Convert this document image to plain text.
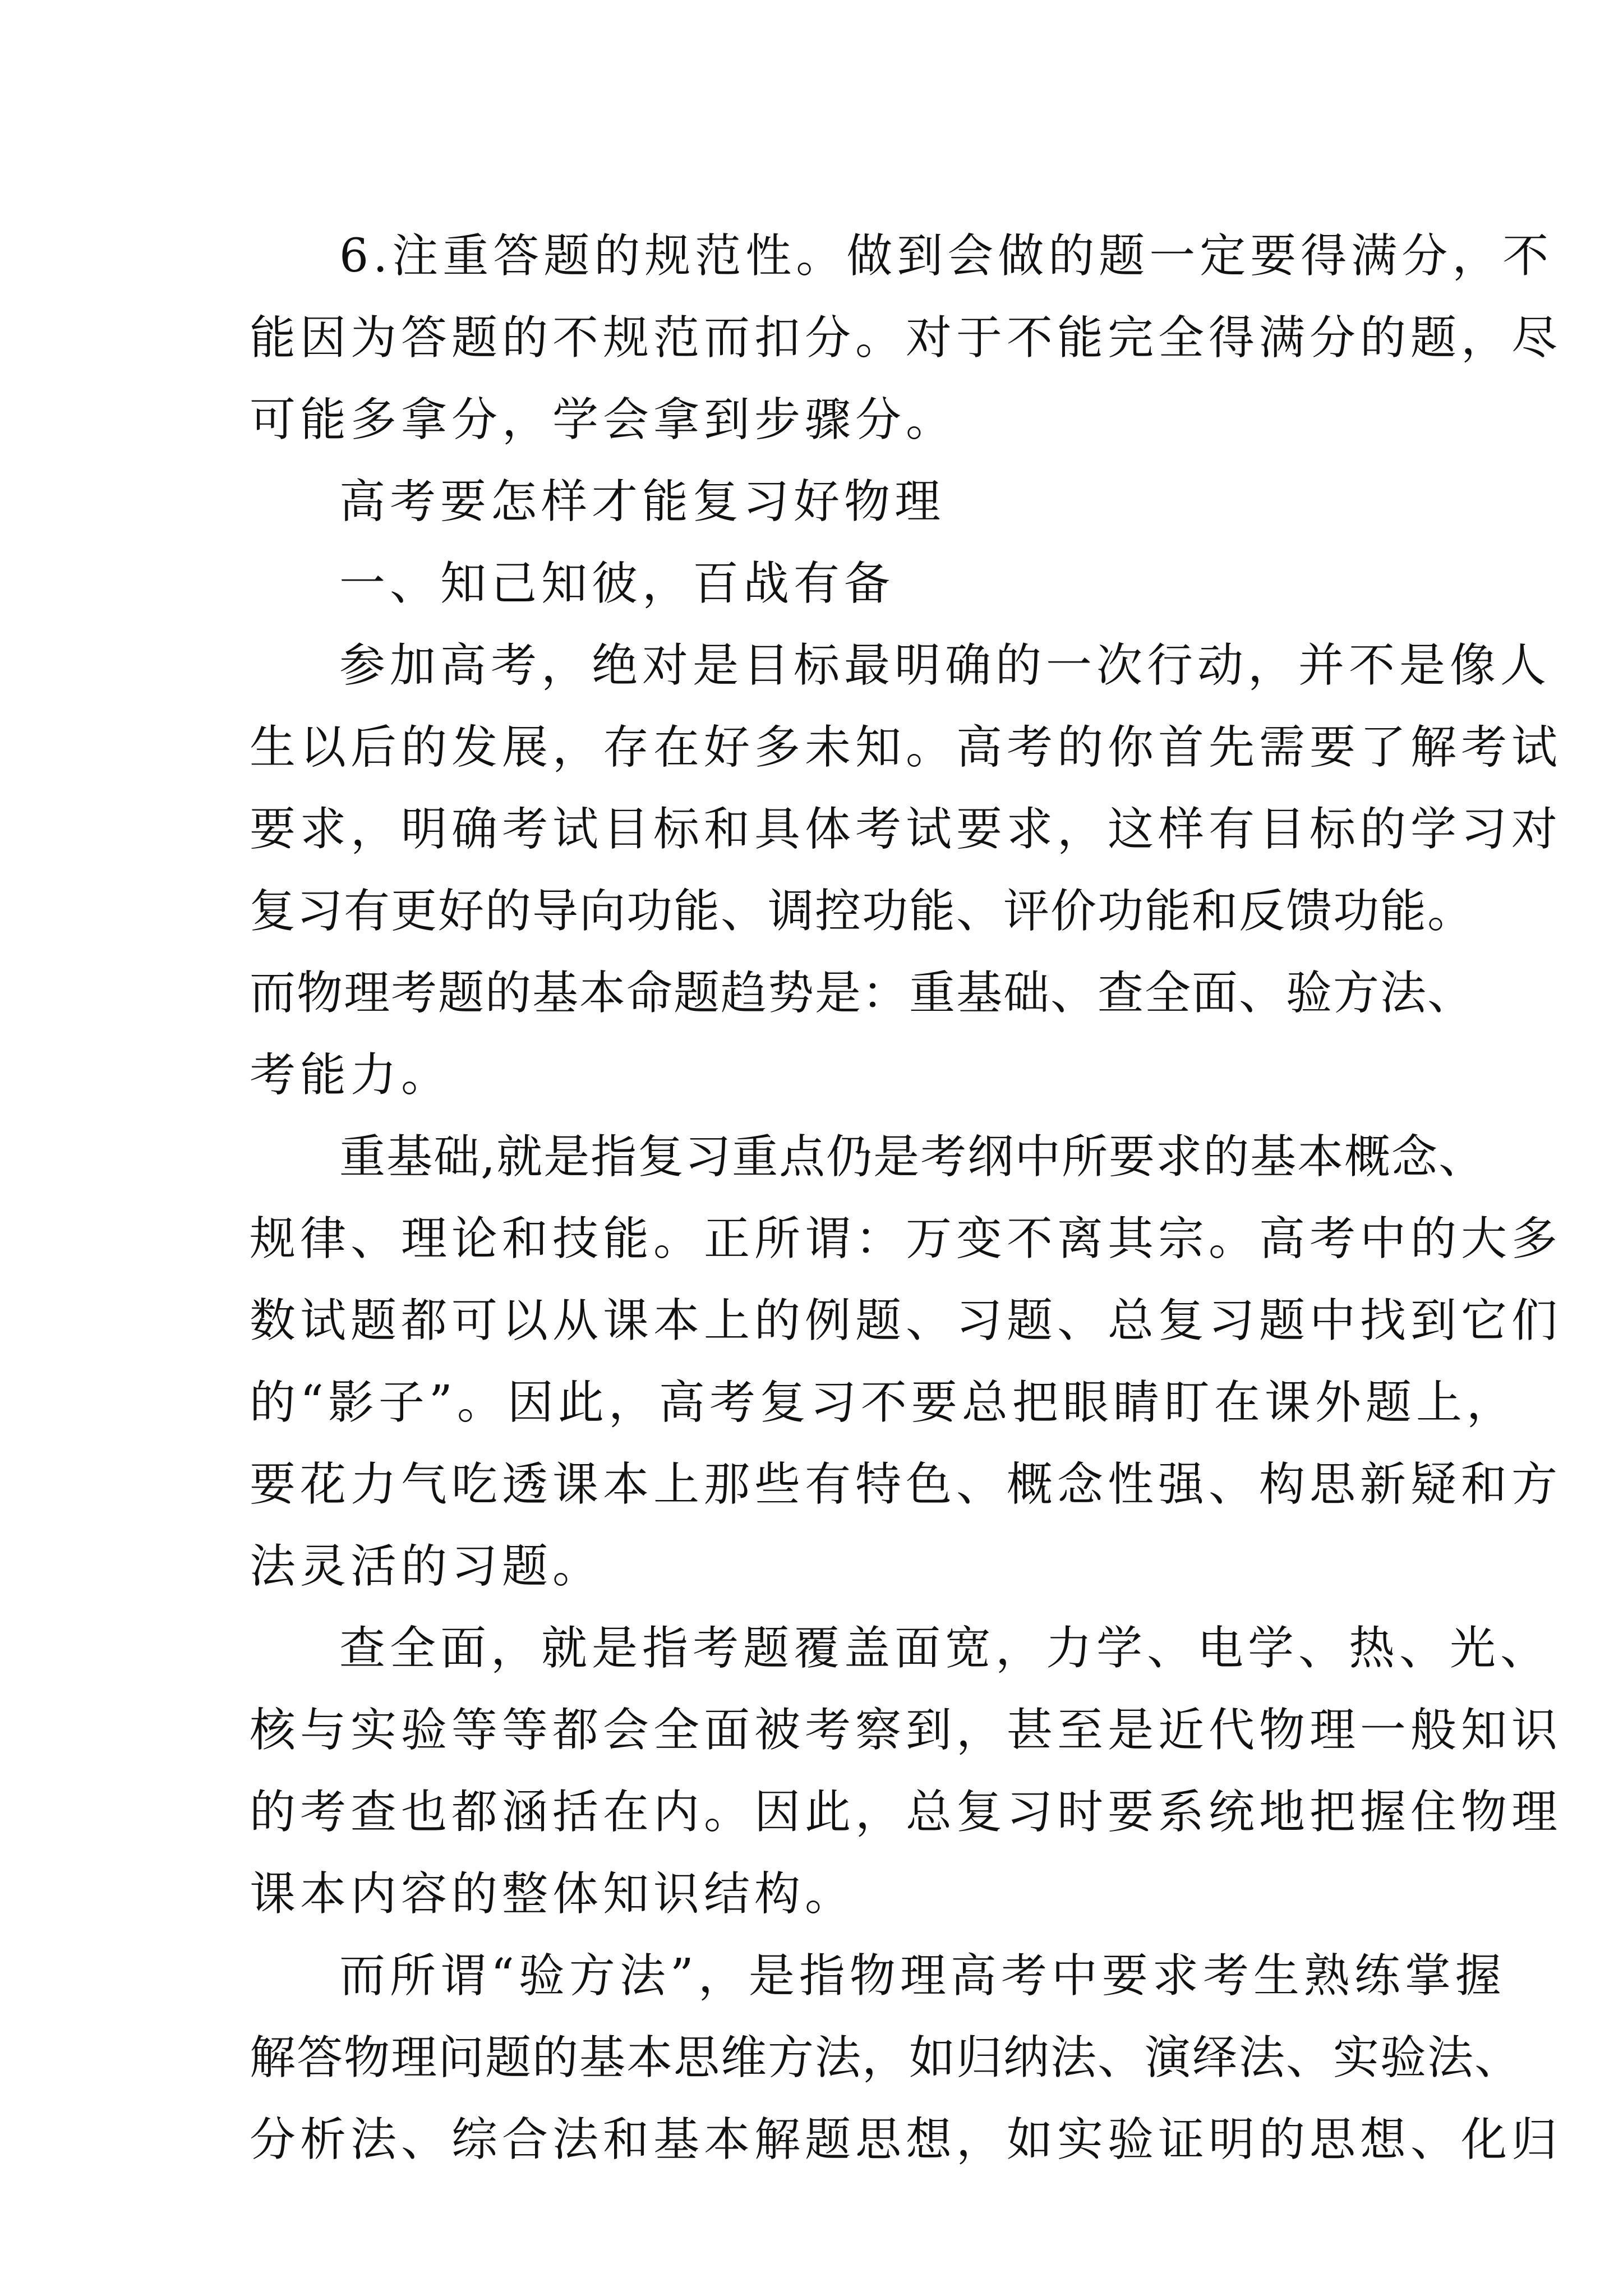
6.注重答题的规范性。做到会做的题一定要得满分，不
能因为答题的不规范而扣分。对于不能完全得满分的题，尽
可能多拿分，学会拿到步骤分。
高考要怎样才能复习好物理
一、知己知彼，百战有备
参加高考，绝对是目标最明确的一次行动，并不是像人
生以后的发展，存在好多未知。高考的你首先需要了解考试
要求，明确考试目标和具体考试要求，这样有目标的学习对
复习有更好的导向功能、调控功能、评价功能和反馈功能。
而物理考题的基本命题趋势是：重基础、查全面、验方法、
考能力。
重基础,就是指复习重点仍是考纲中所要求的基本概念、
规律、理论和技能。正所谓：万变不离其宗。高考中的大多
数试题都可以从课本上的例题、习题、总复习题中找到它们
的“影子”。因此，高考复习不要总把眼睛盯在课外题上，
要花力气吃透课本上那些有特色、概念性强、构思新疑和方
法灵活的习题。
查全面，就是指考题覆盖面宽，力学、电学、热、光、
核与实验等等都会全面被考察到，甚至是近代物理一般知识
的考查也都涵括在内。因此，总复习时要系统地把握住物理
课本内容的整体知识结构。
而所谓“验方法”，是指物理高考中要求考生熟练掌握
解答物理问题的基本思维方法，如归纳法、演绎法、实验法、
分析法、综合法和基本解题思想，如实验证明的思想、化归
